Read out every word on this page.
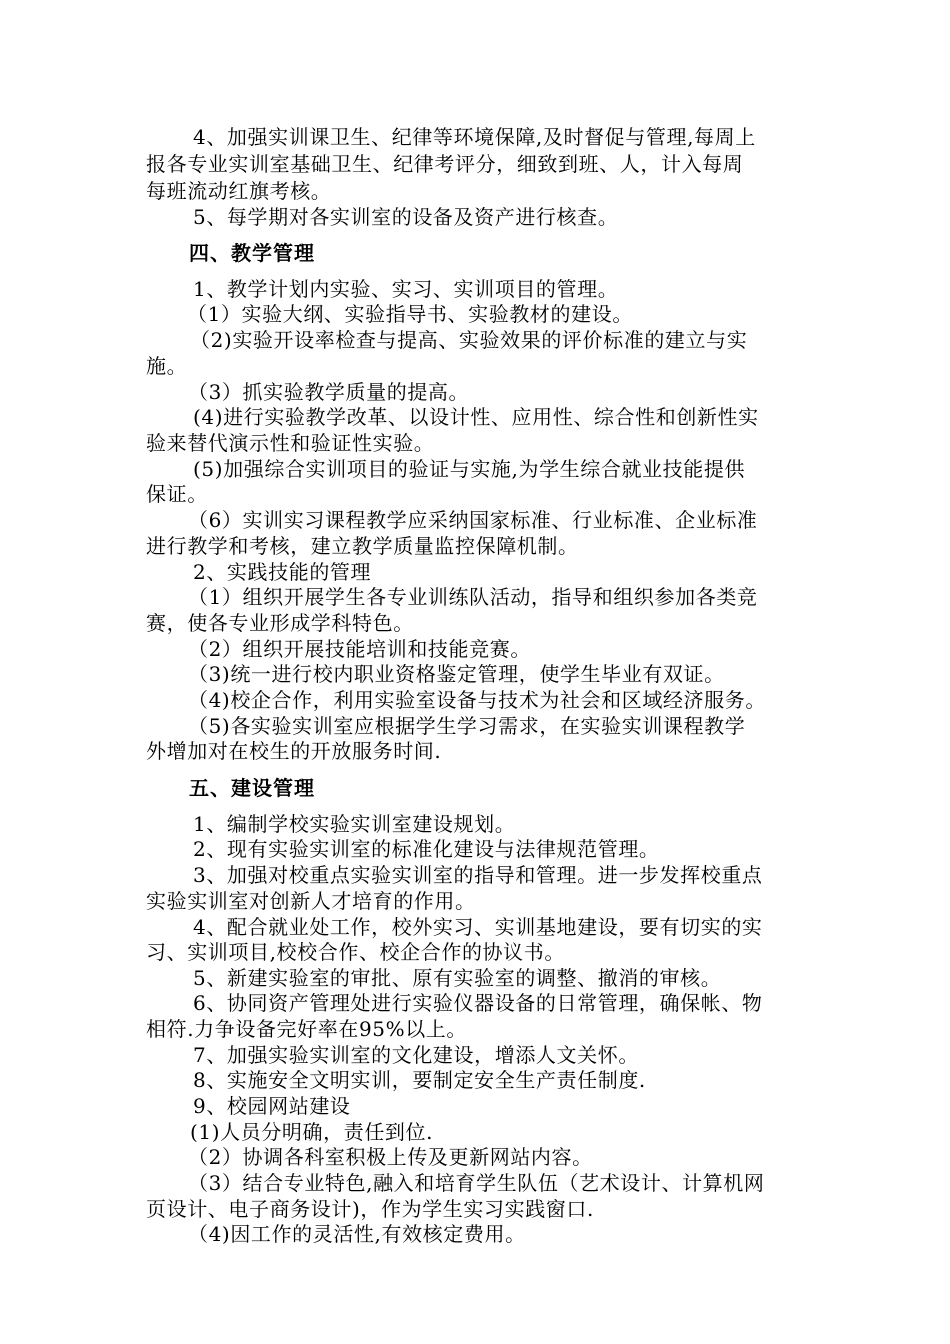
4、加强实训课卫生、纪律等环境保障,及时督促与管理,每周上
报各专业实训室基础卫生、纪律考评分，细致到班、人，计入每周
每班流动红旗考核。
5、每学期对各实训室的设备及资产进行核查。
四、教学管理
1、教学计划内实验、实习、实训项目的管理。
（1）实验大纲、实验指导书、实验教材的建设。
（2)实验开设率检查与提高、实验效果的评价标准的建立与实
施。
（3）抓实验教学质量的提高。
(4)进行实验教学改革、以设计性、应用性、综合性和创新性实
验来替代演示性和验证性实验。
(5)加强综合实训项目的验证与实施,为学生综合就业技能提供
保证。
（6）实训实习课程教学应采纳国家标准、行业标准、企业标准
进行教学和考核，建立教学质量监控保障机制。
2、实践技能的管理
（1）组织开展学生各专业训练队活动，指导和组织参加各类竞
赛，使各专业形成学科特色。
（2）组织开展技能培训和技能竞赛。
（3)统一进行校内职业资格鉴定管理，使学生毕业有双证。
（4)校企合作，利用实验室设备与技术为社会和区域经济服务。
（5)各实验实训室应根据学生学习需求，在实验实训课程教学
外增加对在校生的开放服务时间.
五、建设管理
1、编制学校实验实训室建设规划。
2、现有实验实训室的标准化建设与法律规范管理。
3、加强对校重点实验实训室的指导和管理。进一步发挥校重点
实验实训室对创新人才培育的作用。
4、配合就业处工作，校外实习、实训基地建设，要有切实的实
习、实训项目,校校合作、校企合作的协议书。
5、新建实验室的审批、原有实验室的调整、撤消的审核。
6、协同资产管理处进行实验仪器设备的日常管理，确保帐、物
相符.力争设备完好率在95%以上。
7、加强实验实训室的文化建设，增添人文关怀。
8、实施安全文明实训，要制定安全生产责任制度.
9、校园网站建设
(1)人员分明确，责任到位.
（2）协调各科室积极上传及更新网站内容。
（3）结合专业特色,融入和培育学生队伍（艺术设计、计算机网
页设计、电子商务设计)，作为学生实习实践窗口.
（4)因工作的灵活性,有效核定费用。
